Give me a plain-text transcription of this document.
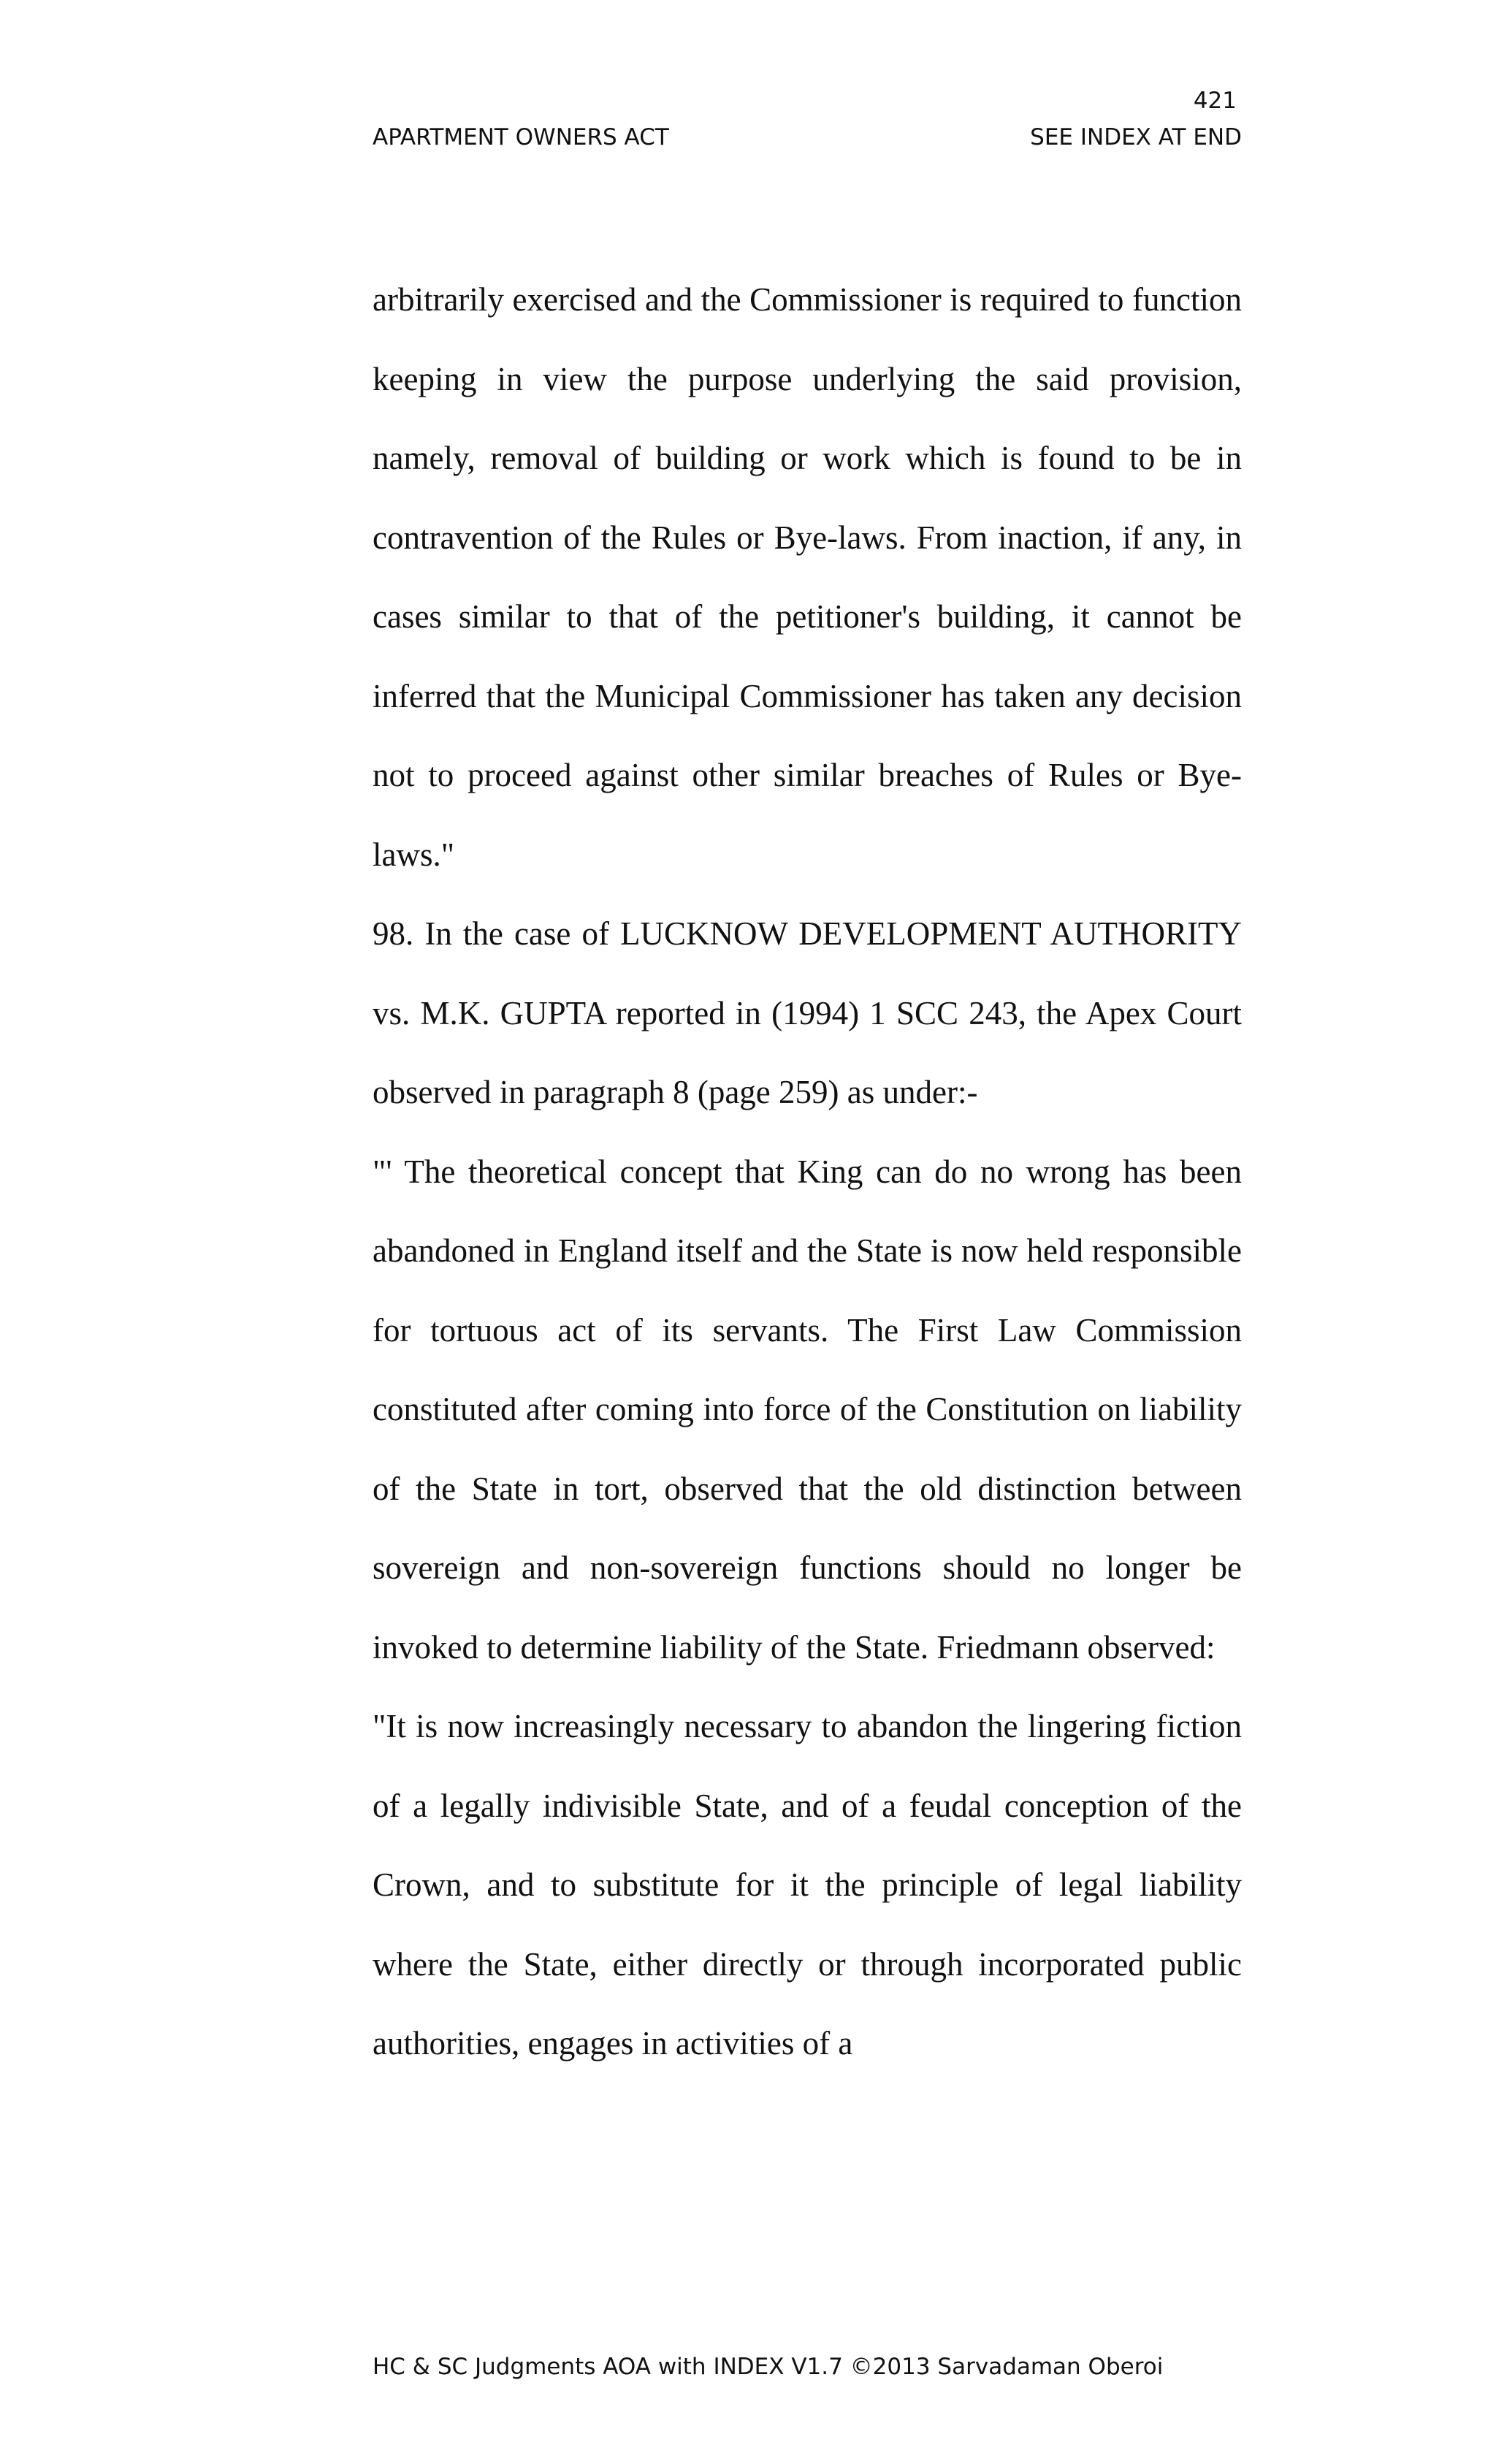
421
APARTMENT OWNERS ACT	SEE INDEX AT END

arbitrarily exercised and the Commissioner is required to function keeping in view the purpose underlying the said provision, namely, removal of building or work which is found to be in contravention of the Rules or Bye-laws. From inaction, if any, in cases similar to that of the petitioner's building, it cannot be inferred that the Municipal Commissioner has taken any decision not to proceed against other similar breaches of Rules or Bye-laws."

98. In the case of LUCKNOW DEVELOPMENT AUTHORITY vs. M.K. GUPTA reported in (1994) 1 SCC 243, the Apex Court observed in paragraph 8 (page 259) as under:-

"' The theoretical concept that King can do no wrong has been abandoned in England itself and the State is now held responsible for tortuous act of its servants. The First Law Commission constituted after coming into force of the Constitution on liability of the State in tort, observed that the old distinction between sovereign and non-sovereign functions should no longer be invoked to determine liability of the State. Friedmann observed:

"It is now increasingly necessary to abandon the lingering fiction of a legally indivisible State, and of a feudal conception of the Crown, and to substitute for it the principle of legal liability where the State, either directly or through incorporated public authorities, engages in activities of a

HC & SC Judgments AOA with INDEX V1.7 ©2013 Sarvadaman Oberoi
